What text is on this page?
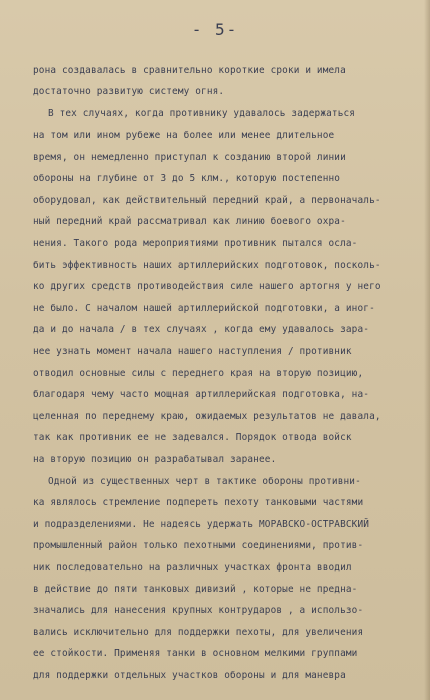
- 5-

рона создавалась в сравнительно короткие сроки и имела

достаточно развитую систему огня.

В тех случаях, когда противнику удавалось задержаться

на том или ином рубеже на более или менее длительное

время, он немедленно приступал к созданию второй линии

обороны на глубине от 3 до 5 клм., которую постепенно

оборудовал, как действительный передний край, а первоначаль-

ный передний край рассматривал как линию боевого охра-

нения. Такого рода мероприятиями противник пытался осла-

бить эффективность наших артиллерийских подготовок, посколь-

ко других средств противодействия силе нашего артогня у него

не было. С началом нашей артиллерийской подготовки, а иног-

да и до начала / в тех случаях , когда ему удавалось зара-

нее узнать момент начала нашего наступления / противник

отводил основные силы с переднего края на вторую позицию,

благодаря чему часто мощная артиллерийская подготовка, на-

целенная по переднему краю, ожидаемых результатов не давала,

так как противник ее не задевался. Порядок отвода войск

на вторую позицию он разрабатывал заранее.

Одной из существенных черт в тактике обороны противни-

ка являлось стремление подпереть пехоту танковыми частями

и подразделениями. Не надеясь удержать МОРАВСКО-ОСТРАВСКИЙ

промышленный район только пехотными соединениями, против-

ник последовательно на различных участках фронта вводил

в действие до пяти танковых дивизий , которые не предна-

значались для нанесения крупных контрударов , а использо-

вались исключительно для поддержки пехоты, для увеличения

ее стойкости. Применяя танки в основном мелкими группами

для поддержки отдельных участков обороны и для маневра
